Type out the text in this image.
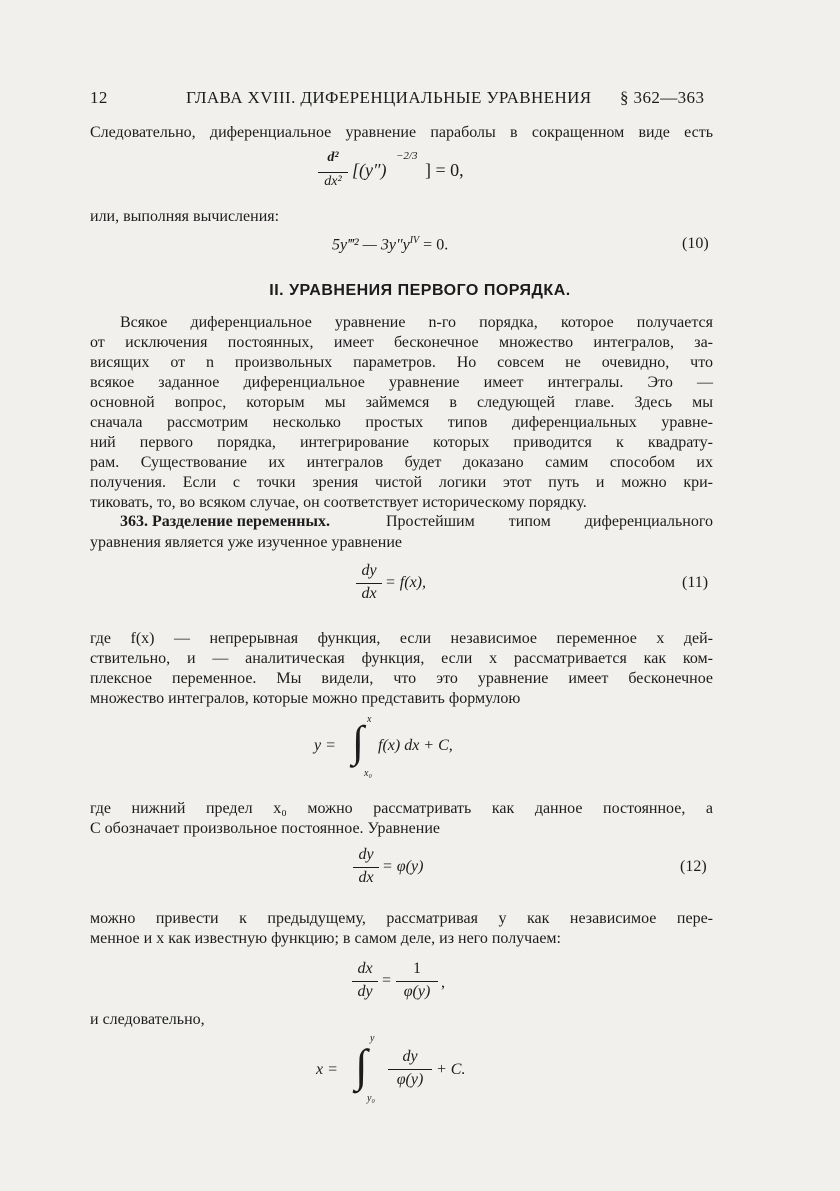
12	ГЛАВА XVIII. ДИФЕРЕНЦИАЛЬНЫЕ УРАВНЕНИЯ § 362—363
Следовательно, диференциальное уравнение параболы в сокращенном виде есть
d²
dx²
[(y″)
−2/3
] = 0,
или, выполняя вычисления:
5y‴² — $3y''y^{IV} = 0$.	(10)
II. УРАВНЕНИЯ ПЕРВОГО ПОРЯДКА.
Всякое диференциальное уравнение n-го порядка, которое получается
от исключения постоянных, имеет бесконечное множество интегралов, за-
висящих от n произвольных параметров. Но совсем не очевидно, что
всякое заданное диференциальное уравнение имеет интегралы. Это —
основной вопрос, которым мы займемся в следующей главе. Здесь мы
сначала рассмотрим несколько простых типов диференциальных уравне-
ний первого порядка, интегрирование которых приводится к квадрату-
рам. Существование их интегралов будет доказано самим способом их
получения. Если с точки зрения чистой логики этот путь и можно кри-
тиковать, то, во всяком случае, он соответствует историческому порядку.
363. Разделение переменных.	Простейшим типом диференциального
уравнения является уже изученное уравнение
dy
dx
= f(x),	(11)
где f(x) — непрерывная функция, если независимое переменное x дей-
ствительно, и — аналитическая функция, если x рассматривается как ком-
плексное переменное. Мы видели, что это уравнение имеет бесконечное
множество интегралов, которые можно представить формулою
y =
x
∫
x₀
f(x) dx + C,
где нижний предел x₀ можно рассматривать как данное постоянное, а
C обозначает произвольное постоянное. Уравнение
dy
dx
= φ(y)	(12)
можно привести к предыдущему, рассматривая y как независимое пере-
менное и x как известную функцию; в самом деле, из него получаем:
dx
dy
=
1
φ(y)
,
и следовательно,
x =
y
∫
y₀
dy
φ(y)
+ C.
